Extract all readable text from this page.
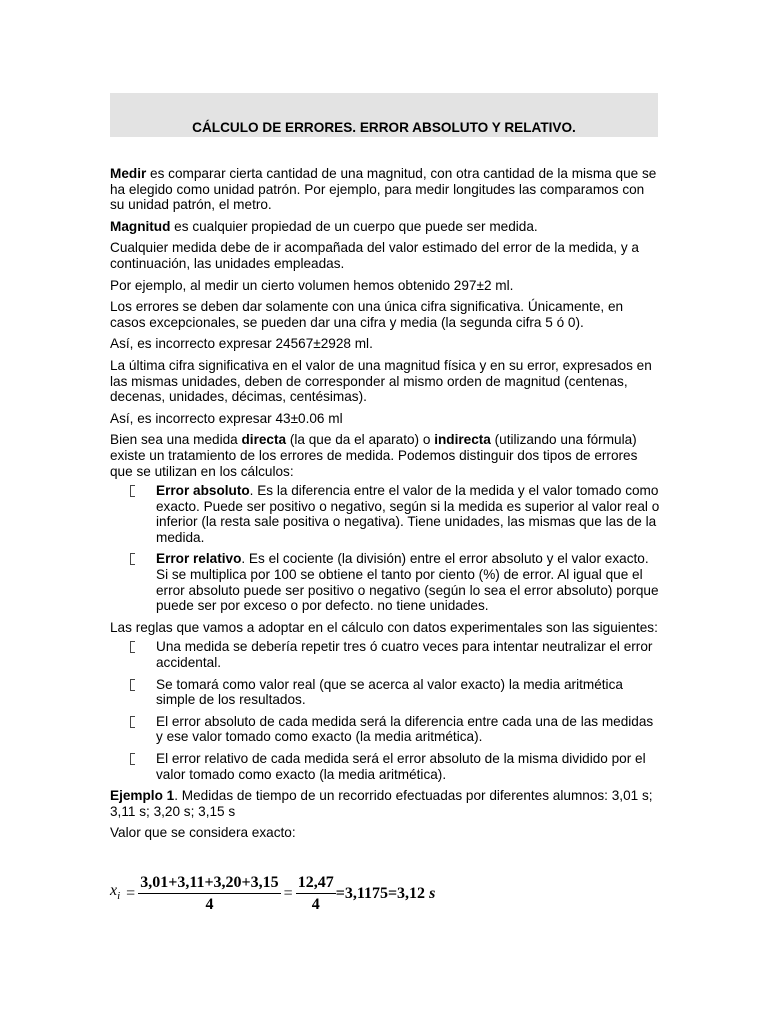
CÁLCULO DE ERRORES. ERROR ABSOLUTO Y RELATIVO.

Medir es comparar cierta cantidad de una magnitud, con otra cantidad de la misma que se ha elegido como unidad patrón. Por ejemplo, para medir longitudes las comparamos con su unidad patrón, el metro.

Magnitud es cualquier propiedad de un cuerpo que puede ser medida.

Cualquier medida debe de ir acompañada del valor estimado del error de la medida, y a continuación, las unidades empleadas.

Por ejemplo, al medir un cierto volumen hemos obtenido 297±2 ml.

Los errores se deben dar solamente con una única cifra significativa. Únicamente, en casos excepcionales, se pueden dar una cifra y media (la segunda cifra 5 ó 0).

Así, es incorrecto expresar 24567±2928 ml.

La última cifra significativa en el valor de una magnitud física y en su error, expresados en las mismas unidades, deben de corresponder al mismo orden de magnitud (centenas, decenas, unidades, décimas, centésimas).

Así, es incorrecto expresar 43±0.06 ml

Bien sea una medida directa (la que da el aparato) o indirecta (utilizando una fórmula) existe un tratamiento de los errores de medida. Podemos distinguir dos tipos de errores que se utilizan en los cálculos:

Error absoluto. Es la diferencia entre el valor de la medida y el valor tomado como exacto. Puede ser positivo o negativo, según si la medida es superior al valor real o inferior (la resta sale positiva o negativa). Tiene unidades, las mismas que las de la medida.
Error relativo. Es el cociente (la división) entre el error absoluto y el valor exacto. Si se multiplica por 100 se obtiene el tanto por ciento (%) de error. Al igual que el error absoluto puede ser positivo o negativo (según lo sea el error absoluto) porque puede ser por exceso o por defecto. no tiene unidades.

Las reglas que vamos a adoptar en el cálculo con datos experimentales son las siguientes:

Una medida se debería repetir tres ó cuatro veces para intentar neutralizar el error accidental.
Se tomará como valor real (que se acerca al valor exacto) la media aritmética simple de los resultados.
El error absoluto de cada medida será la diferencia entre cada una de las medidas y ese valor tomado como exacto (la media aritmética).
El error relativo de cada medida será el error absoluto de la misma dividido por el valor tomado como exacto (la media aritmética).

Ejemplo 1. Medidas de tiempo de un recorrido efectuadas por diferentes alumnos: 3,01 s; 3,11 s; 3,20 s; 3,15 s

Valor que se considera exacto:

$x_i = \frac{3,01+3,11+3,20+3,15}{4} = \frac{12,47}{4} =3,1175=3,12$ s
